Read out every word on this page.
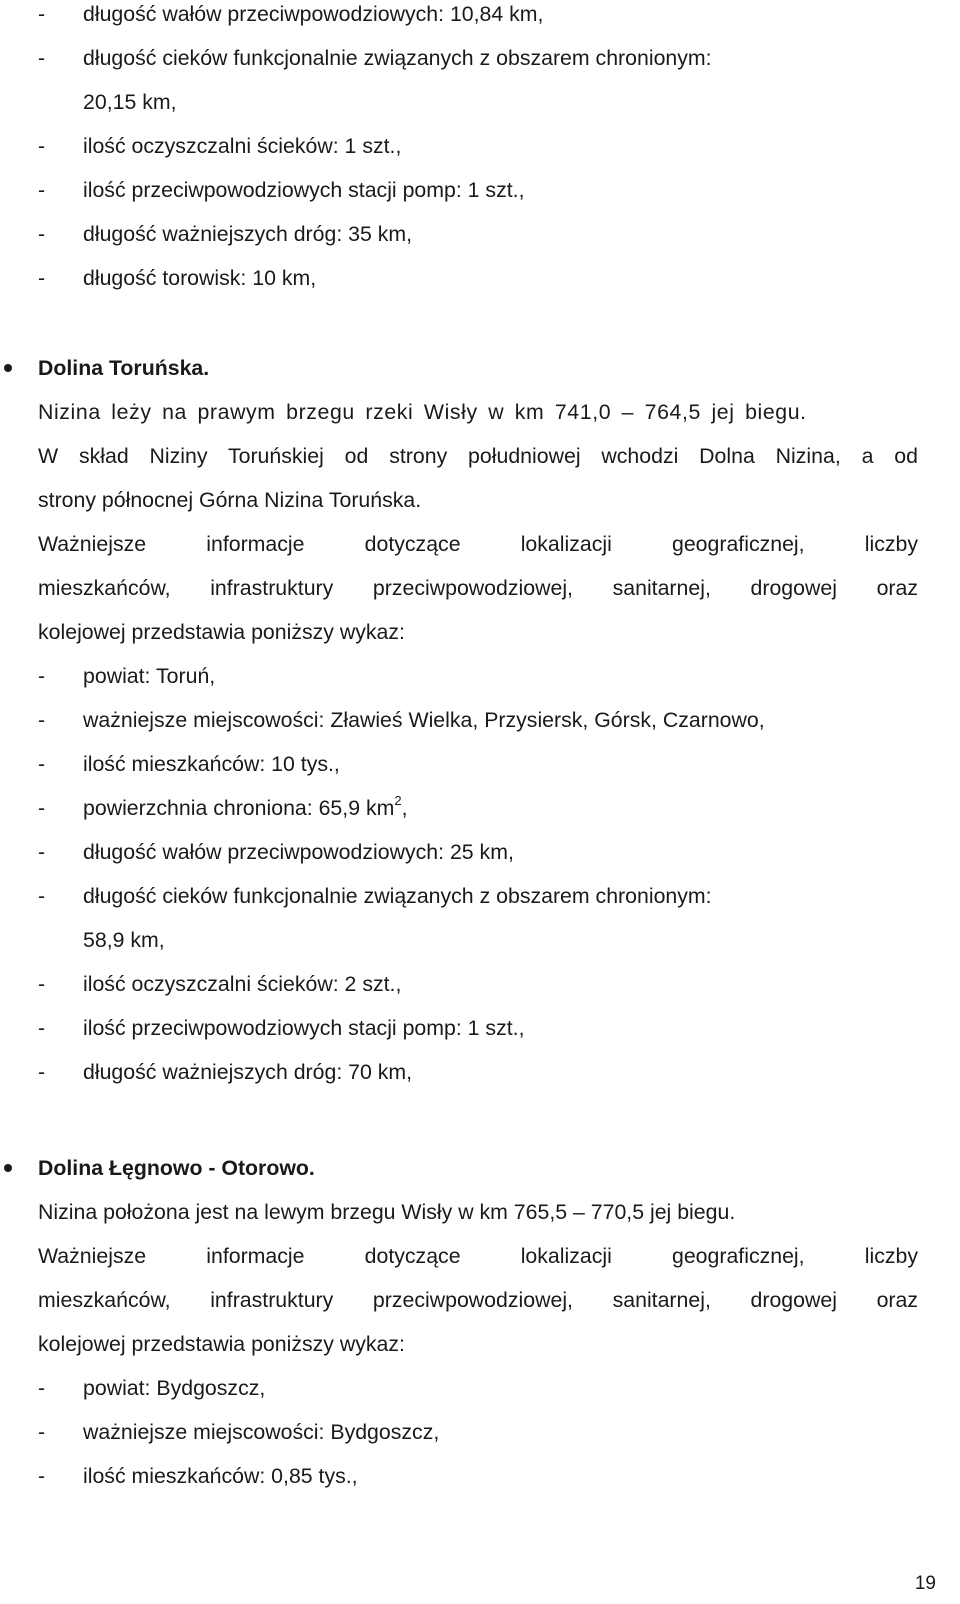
- długość wałów przeciwpowodziowych: 10,84 km,
- długość cieków funkcjonalnie związanych z obszarem chronionym:
20,15 km,
- ilość oczyszczalni ścieków: 1 szt.,
- ilość przeciwpowodziowych stacji pomp: 1 szt.,
- długość ważniejszych dróg: 35 km,
- długość torowisk: 10 km,
Dolina Toruńska.
Nizina leży na prawym brzegu rzeki Wisły w km 741,0 – 764,5 jej biegu.
W skład Niziny Toruńskiej od strony południowej wchodzi Dolna Nizina, a od
strony północnej Górna Nizina Toruńska.
Ważniejsze informacje dotyczące lokalizacji geograficznej, liczby
mieszkańców, infrastruktury przeciwpowodziowej, sanitarnej, drogowej oraz
kolejowej przedstawia poniższy wykaz:
- powiat: Toruń,
- ważniejsze miejscowości: Zławieś Wielka, Przysiersk, Górsk, Czarnowo,
- ilość mieszkańców: 10 tys.,
- powierzchnia chroniona: 65,9 $km^2$,
- długość wałów przeciwpowodziowych: 25 km,
- długość cieków funkcjonalnie związanych z obszarem chronionym:
58,9 km,
- ilość oczyszczalni ścieków: 2 szt.,
- ilość przeciwpowodziowych stacji pomp: 1 szt.,
- długość ważniejszych dróg: 70 km,
Dolina Łęgnowo - Otorowo.
Nizina położona jest na lewym brzegu Wisły w km 765,5 – 770,5 jej biegu.
Ważniejsze informacje dotyczące lokalizacji geograficznej, liczby
mieszkańców, infrastruktury przeciwpowodziowej, sanitarnej, drogowej oraz
kolejowej przedstawia poniższy wykaz:
- powiat: Bydgoszcz,
- ważniejsze miejscowości: Bydgoszcz,
- ilość mieszkańców: 0,85 tys.,
19
